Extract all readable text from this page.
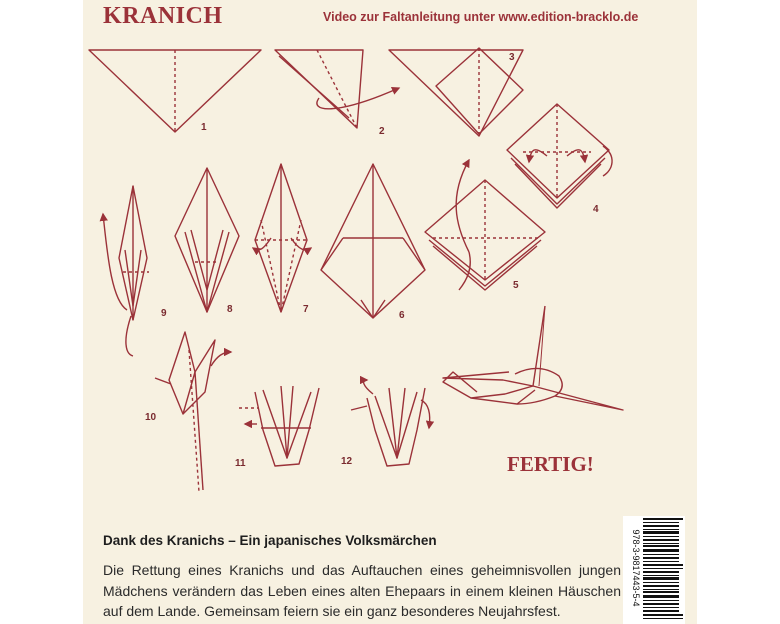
KRANICH	Video zur Faltanleitung unter www.edition-bracklo.de
1	2
3
4
5
6
7
8
9
10
11	12	FERTIG!
Dank des Kranichs – Ein japanisches Volksmärchen

Die Rettung eines Kranichs und das Auftauchen eines geheimnisvollen jungen Mädchens verändern das Leben eines alten Ehepaars in einem kleinen Häuschen auf dem Lande. Gemeinsam feiern sie ein ganz besonderes Neujahrsfest.

978-3-9817443-5-4
